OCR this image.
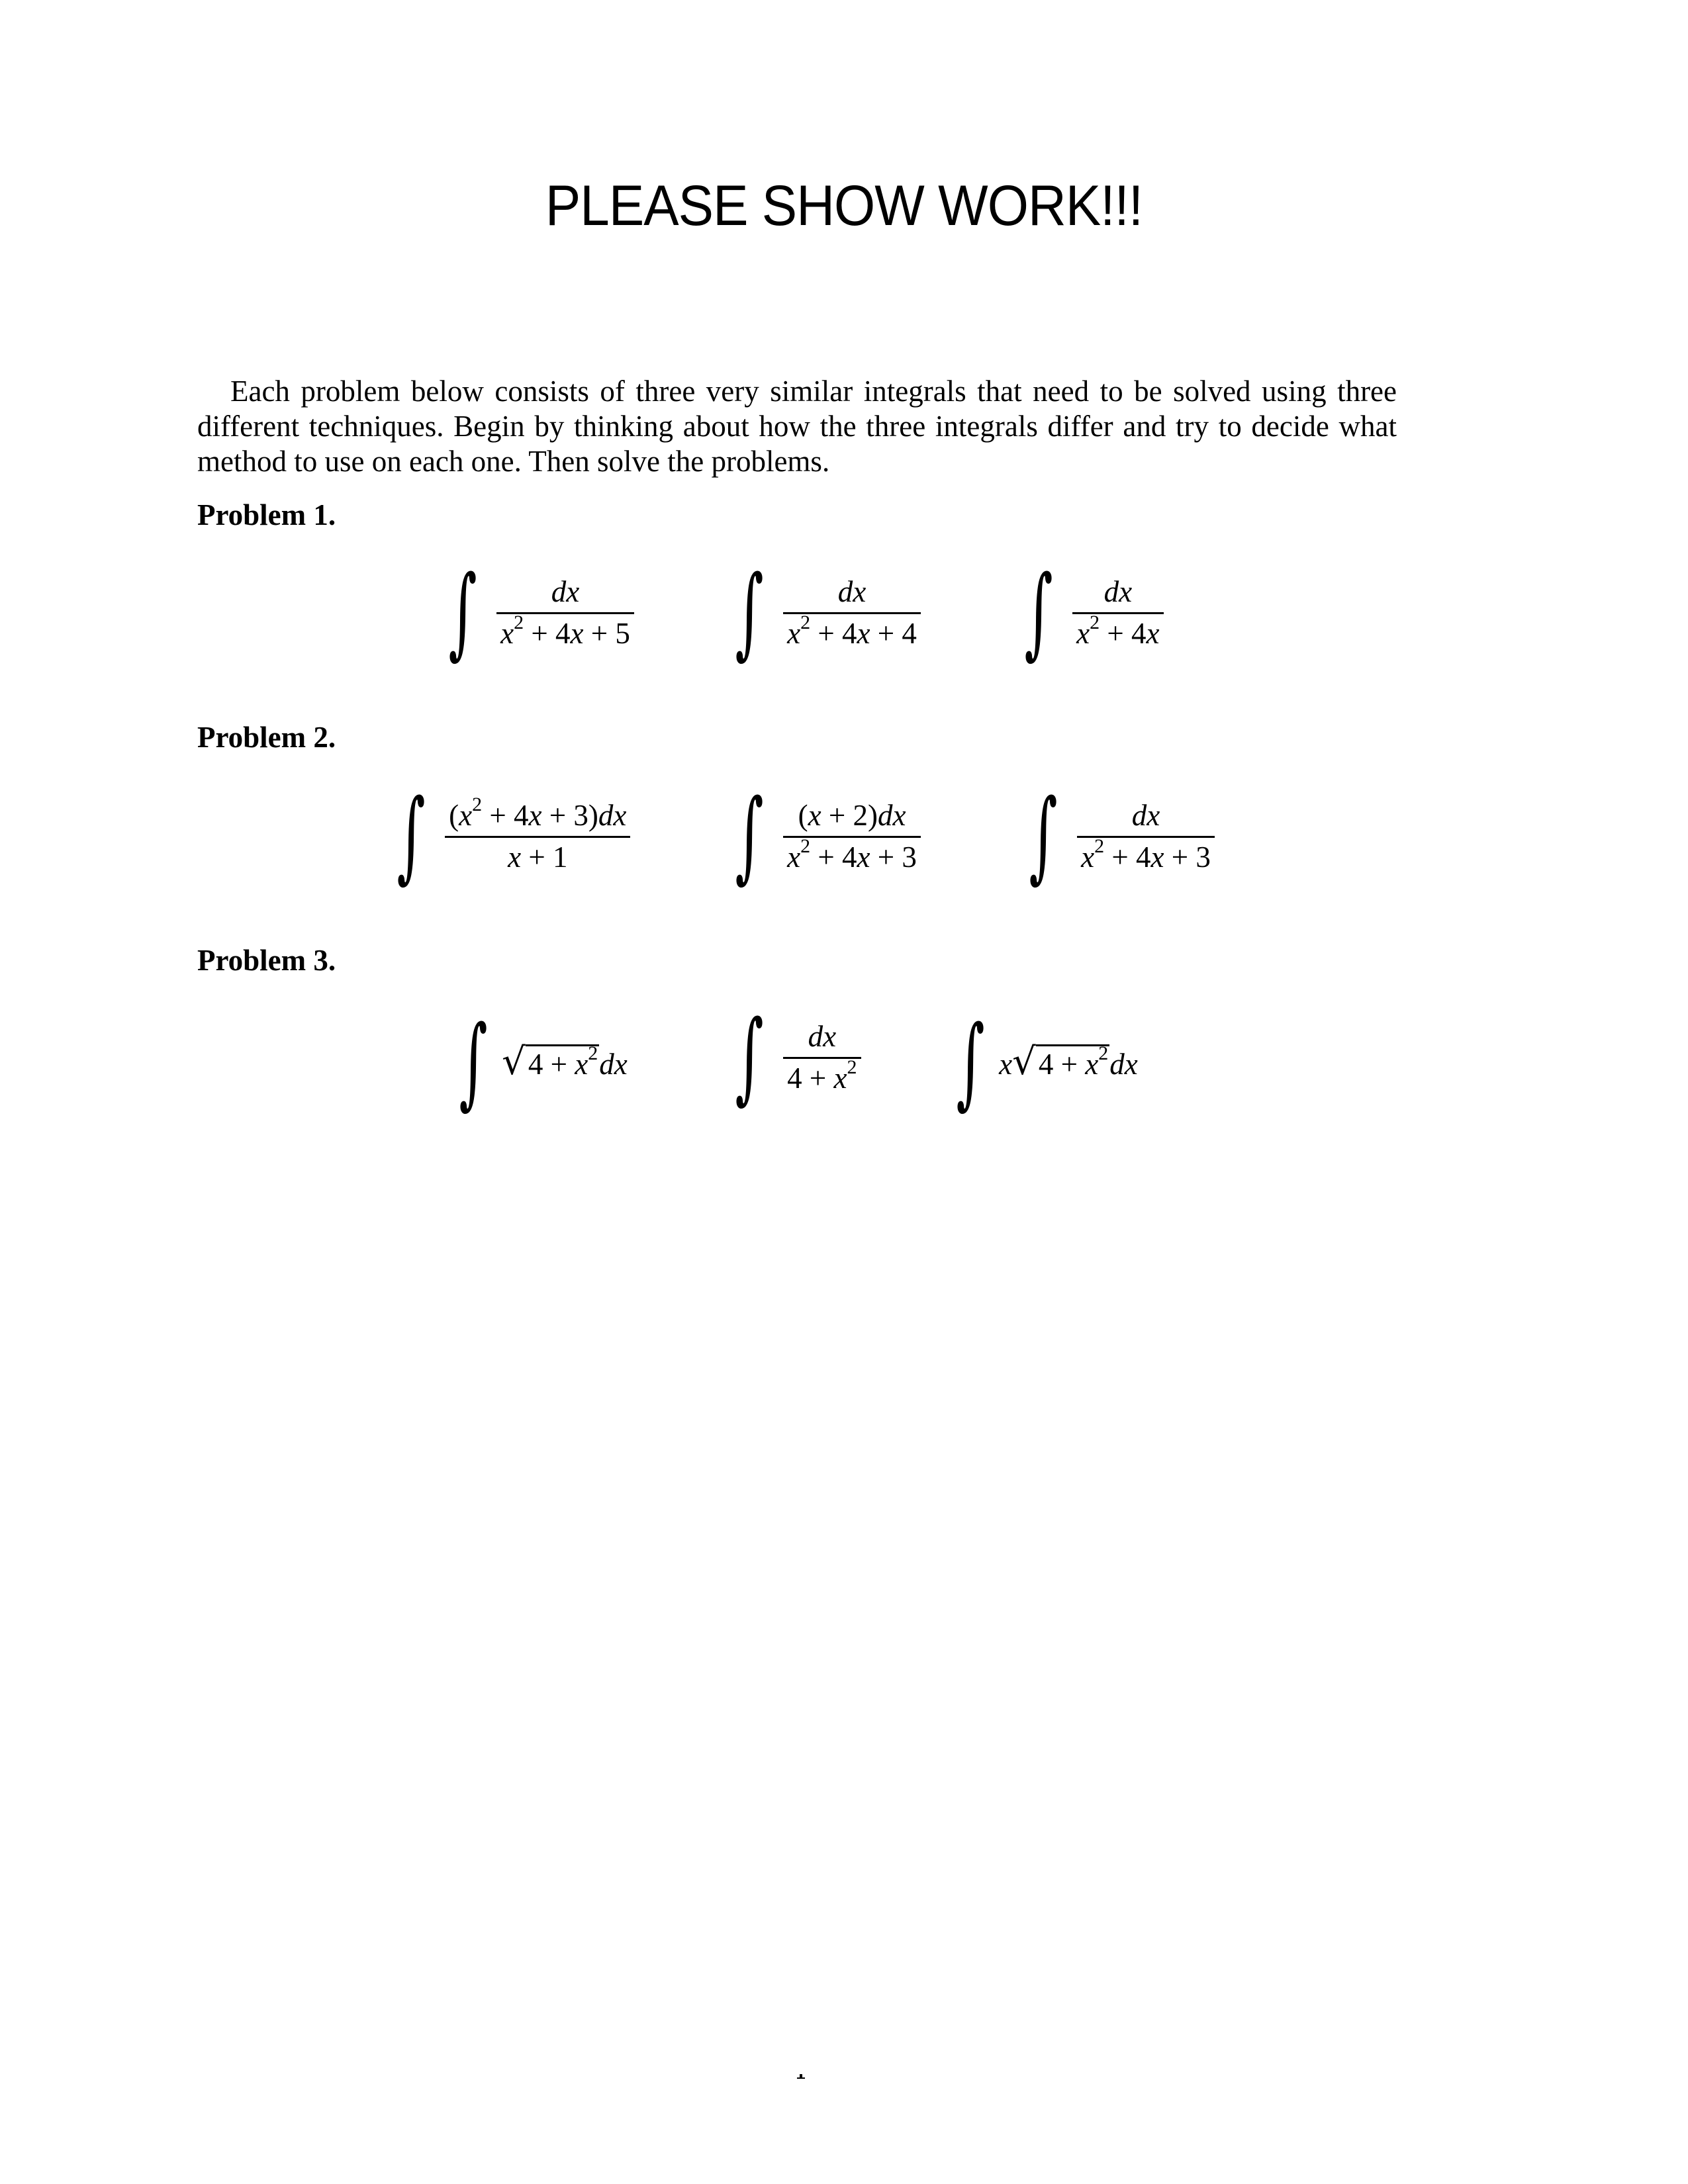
PLEASE SHOW WORK!!!
Each problem below consists of three very similar integrals that need to be solved using three different techniques. Begin by thinking about how the three integrals differ and try to decide what method to use on each one. Then solve the problems.
Problem 1.
∫ $\frac{dx}{x^2 + 4x + 5}$ ∫ $\frac{dx}{x^2 + 4x + 4}$ ∫ $\frac{dx}{x^2 + 4x}$
Problem 2.
∫ $\frac{(x^2 + 4x + 3)dx}{x + 1}$ ∫ $\frac{(x + 2)dx}{x^2 + 4x + 3}$ ∫ $\frac{dx}{x^2 + 4x + 3}$
Problem 3.
∫ √ $4 + x^2$ dx ∫ $\frac{dx}{4 + x^2}$ ∫ x √ $4 + x^2$ dx
